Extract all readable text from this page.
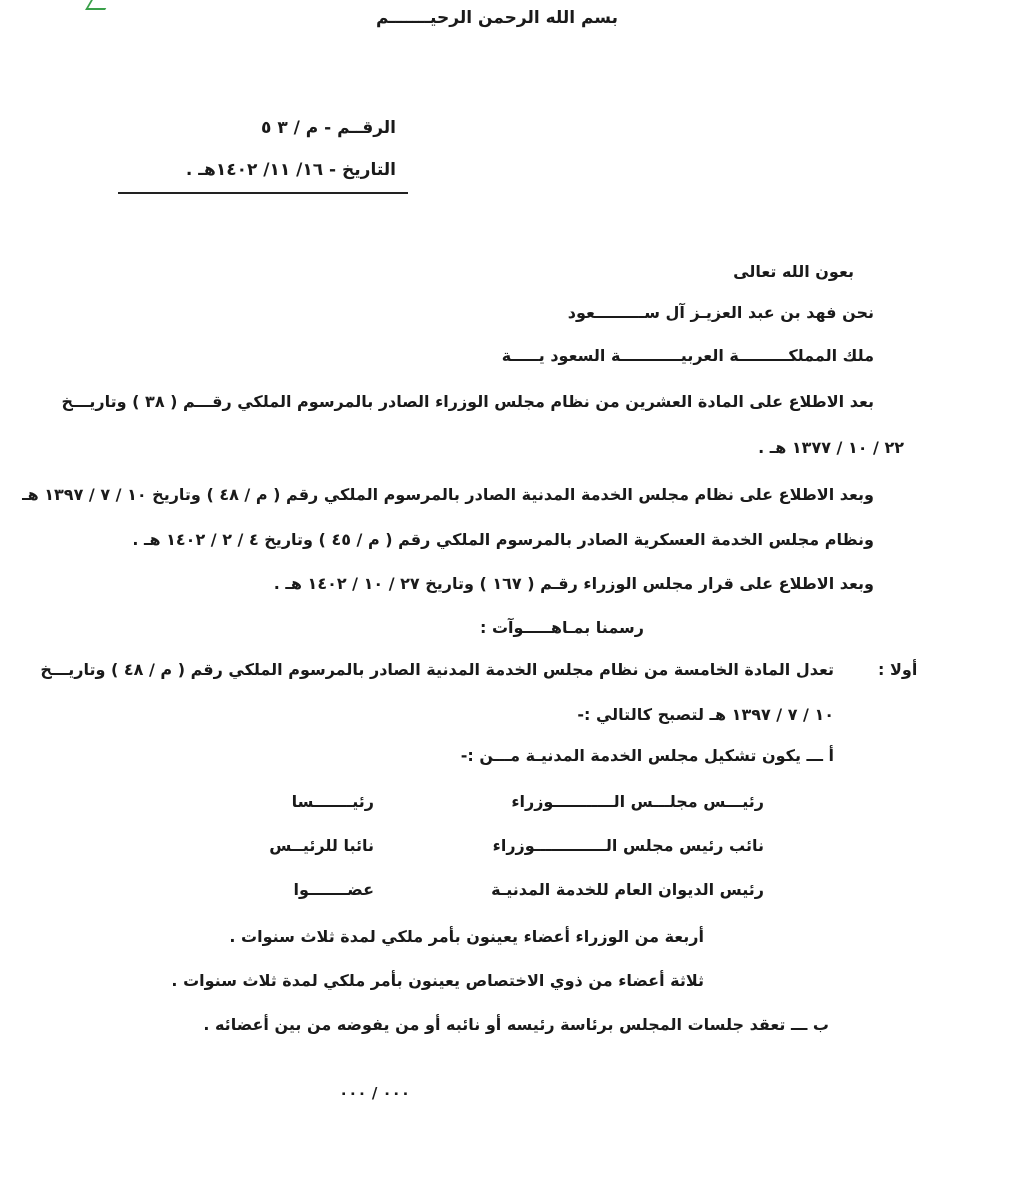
بسم الله الرحمن الرحيـــــــم
الرقــم - م / ٣ ٥
التاريخ - ١٦/ ١١/ ١٤٠٢هـ .
بعون الله تعالى
نحن فهد بن عبد العزيـز آل ســـــــــعود
ملك المملكـــــــــة العربيـــــــــــة السعود يـــــة
بعد الاطلاع على المادة العشرين من نظام مجلس الوزراء الصادر بالمرسوم الملكي رقـــم ( ٣٨ ) وتاريـــخ
٢٢ / ١٠ / ١٣٧٧ هـ .
وبعد الاطلاع على نظام مجلس الخدمة المدنية الصادر بالمرسوم الملكي رقم ( م / ٤٨ ) وتاريخ ١٠ / ٧ / ١٣٩٧ هـ
ونظام مجلس الخدمة العسكرية الصادر بالمرسوم الملكي رقم ( م / ٤٥ ) وتاريخ ٤ / ٢ / ١٤٠٢ هـ .
وبعد الاطلاع على قرار مجلس الوزراء رقـم ( ١٦٧ ) وتاريخ ٢٧ / ١٠ / ١٤٠٢ هـ .
رسمنا بمـاهـــــوآت :
أولا :
تعدل المادة الخامسة من نظام مجلس الخدمة المدنية الصادر بالمرسوم الملكي رقم ( م / ٤٨ ) وتاريـــخ
١٠ / ٧ / ١٣٩٧ هـ لتصبح كالتالي :-
أ ـــ يكون تشكيل مجلس الخدمة المدنيـة مـــن :-
رئيـــس مجلـــس الـــــــــــوزراء
رئيـــــــسا
نائب رئيس مجلس الـــــــــــــوزراء
نائبا للرئيــس
رئيس الديوان العام للخدمة المدنيـة
عضـــــــوا
أربعة من الوزراء أعضاء يعينون بأمر ملكي لمدة ثلاث سنوات .
ثلاثة أعضاء من ذوي الاختصاص يعينون بأمر ملكي لمدة ثلاث سنوات .
ب ـــ تعقد جلسات المجلس برئاسة رئيسه أو نائبه أو من يفوضه من بين أعضائه .
٠٠٠ / ٠٠٠
